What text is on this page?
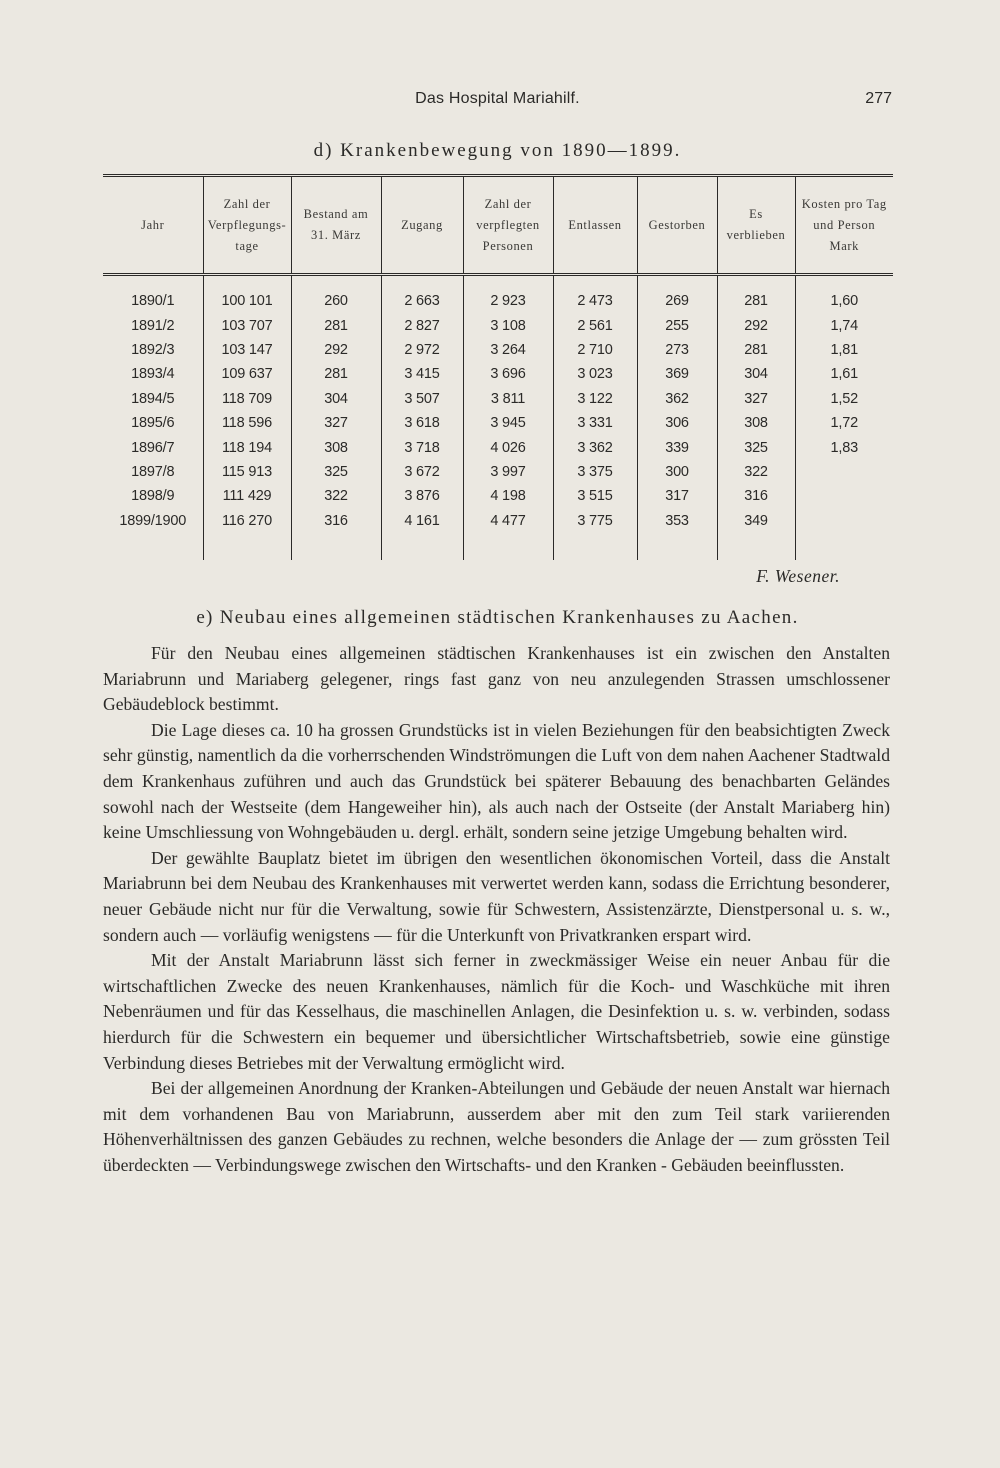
Das Hospital Mariahilf.	277
d) Krankenbewegung von 1890—1899.
Jahr	Zahl der Verpflegungs-tage	Bestand am 31. März	Zugang	Zahl der verpflegten Personen	Entlassen	Gestorben	Es verblieben	Kosten pro Tag und Person Mark

1890/1	100 101	260	2 663	2 923	2 473	269	281	1,60
1891/2	103 707	281	2 827	3 108	2 561	255	292	1,74
1892/3	103 147	292	2 972	3 264	2 710	273	281	1,81
1893/4	109 637	281	3 415	3 696	3 023	369	304	1,61
1894/5	118 709	304	3 507	3 811	3 122	362	327	1,52
1895/6	118 596	327	3 618	3 945	3 331	306	308	1,72
1896/7	118 194	308	3 718	4 026	3 362	339	325	1,83
1897/8	115 913	325	3 672	3 997	3 375	300	322	
1898/9	111 429	322	3 876	4 198	3 515	317	316	
1899/1900	116 270	316	4 161	4 477	3 775	353	349	

F. Wesener.
e) Neubau eines allgemeinen städtischen Krankenhauses zu Aachen.

Für den Neubau eines allgemeinen städtischen Krankenhauses ist ein zwischen den Anstalten Mariabrunn und Mariaberg gelegener, rings fast ganz von neu anzulegenden Strassen umschlossener Gebäudeblock bestimmt.

Die Lage dieses ca. 10 ha grossen Grundstücks ist in vielen Beziehungen für den beabsichtigten Zweck sehr günstig, namentlich da die vorherrschenden Windströmungen die Luft von dem nahen Aachener Stadtwald dem Krankenhaus zuführen und auch das Grundstück bei späterer Bebauung des benachbarten Geländes sowohl nach der Westseite (dem Hangeweiher hin), als auch nach der Ostseite (der Anstalt Mariaberg hin) keine Umschliessung von Wohngebäuden u. dergl. erhält, sondern seine jetzige Umgebung behalten wird.

Der gewählte Bauplatz bietet im übrigen den wesentlichen ökonomischen Vorteil, dass die Anstalt Mariabrunn bei dem Neubau des Krankenhauses mit verwertet werden kann, sodass die Errichtung besonderer, neuer Gebäude nicht nur für die Verwaltung, sowie für Schwestern, Assistenzärzte, Dienstpersonal u. s. w., sondern auch — vorläufig wenigstens — für die Unterkunft von Privatkranken erspart wird.

Mit der Anstalt Mariabrunn lässt sich ferner in zweckmässiger Weise ein neuer Anbau für die wirtschaftlichen Zwecke des neuen Krankenhauses, nämlich für die Koch- und Waschküche mit ihren Nebenräumen und für das Kesselhaus, die maschinellen Anlagen, die Desinfektion u. s. w. verbinden, sodass hierdurch für die Schwestern ein bequemer und übersichtlicher Wirtschaftsbetrieb, sowie eine günstige Verbindung dieses Betriebes mit der Verwaltung ermöglicht wird.

Bei der allgemeinen Anordnung der Kranken-Abteilungen und Gebäude der neuen Anstalt war hiernach mit dem vorhandenen Bau von Mariabrunn, ausserdem aber mit den zum Teil stark variierenden Höhenverhältnissen des ganzen Gebäudes zu rechnen, welche besonders die Anlage der — zum grössten Teil überdeckten — Verbindungswege zwischen den Wirtschafts- und den Kranken - Gebäuden beeinflussten.
